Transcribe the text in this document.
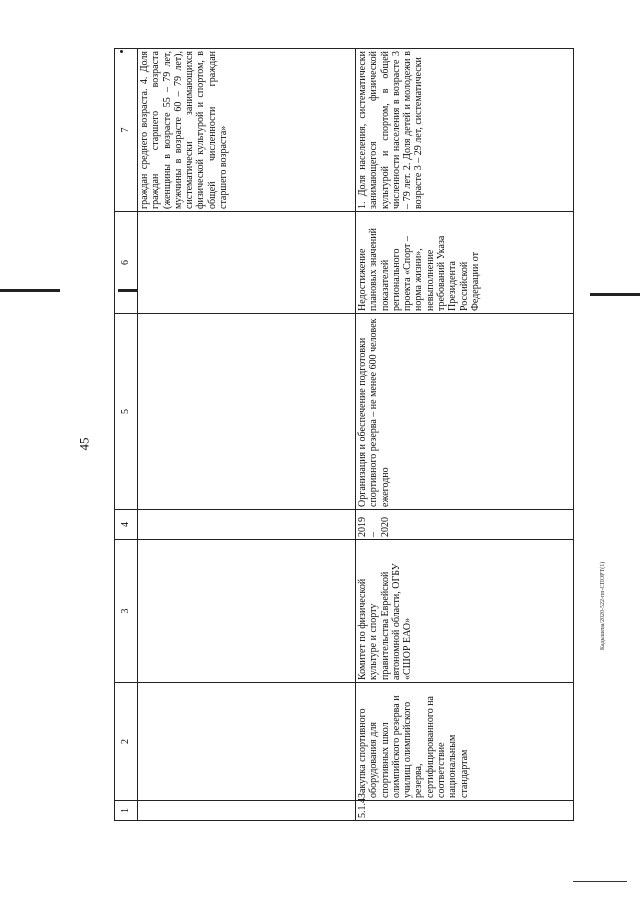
45
1	2	3	4	5	6	7
						граждан среднего возраста. 4. Доля граждан старшего возраста (женщины в возрасте 55 – 79 лет, мужчины в возрасте 60 – 79 лет), систематически занимающихся физической культурой и спортом, в общей численности граждан старшего возраста»
5.1.4	Закупка спортивного оборудования для спортивных школ олимпийского резерва и училищ олимпийского резерва, сертифицированного на соответствие национальным стандартам	Комитет по физической культуре и спорту правительства Еврейской автономной области, ОГБУ «СШОР ЕАО»	2019 – 2020	Организация и обеспечение подготовки спортивного резерва – не менее 600 человек ежегодно	Недостижение плановых значений показателей регионального проекта «Спорт – норма жизни», невыполнение требований Указа Президента Российской Федерации от	1. Доля населения, систематически занимающегося физической культурой и спортом, в общей численности населения в возрасте 3 – 79 лет. 2. Доля детей и молодежи в возрасте 3 – 29 лет, систематически
Кадышева/2020-522-пп-СПОРТ(1)
